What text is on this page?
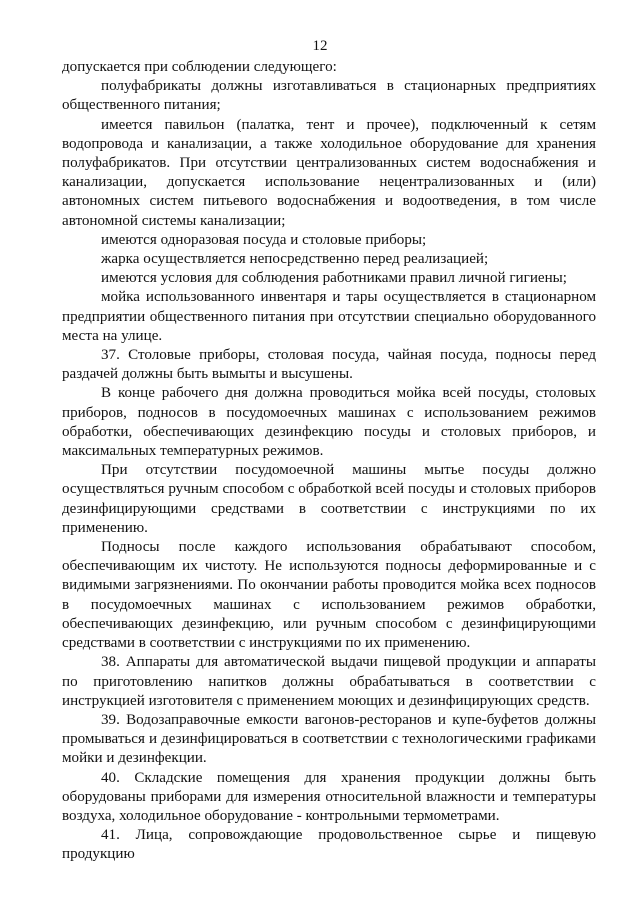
12

допускается при соблюдении следующего:

полуфабрикаты должны изготавливаться в стационарных предприятиях общественного питания;

имеется павильон (палатка, тент и прочее), подключенный к сетям водопровода и канализации, а также холодильное оборудование для хранения полуфабрикатов. При отсутствии централизованных систем водоснабжения и канализации, допускается использование нецентрализованных и (или) автономных систем питьевого водоснабжения и водоотведения, в том числе автономной системы канализации;

имеются одноразовая посуда и столовые приборы;

жарка осуществляется непосредственно перед реализацией;

имеются условия для соблюдения работниками правил личной гигиены;

мойка использованного инвентаря и тары осуществляется в стационарном предприятии общественного питания при отсутствии специально оборудованного места на улице.

37. Столовые приборы, столовая посуда, чайная посуда, подносы перед раздачей должны быть вымыты и высушены.

В конце рабочего дня должна проводиться мойка всей посуды, столовых приборов, подносов в посудомоечных машинах с использованием режимов обработки, обеспечивающих дезинфекцию посуды и столовых приборов, и максимальных температурных режимов.

При отсутствии посудомоечной машины мытье посуды должно осуществляться ручным способом с обработкой всей посуды и столовых приборов дезинфицирующими средствами в соответствии с инструкциями по их применению.

Подносы после каждого использования обрабатывают способом, обеспечивающим их чистоту. Не используются подносы деформированные и с видимыми загрязнениями. По окончании работы проводится мойка всех подносов в посудомоечных машинах с использованием режимов обработки, обеспечивающих дезинфекцию, или ручным способом с дезинфицирующими средствами в соответствии с инструкциями по их применению.

38. Аппараты для автоматической выдачи пищевой продукции и аппараты по приготовлению напитков должны обрабатываться в соответствии с инструкцией изготовителя с применением моющих и дезинфицирующих средств.

39. Водозаправочные емкости вагонов-ресторанов и купе-буфетов должны промываться и дезинфицироваться в соответствии с технологическими графиками мойки и дезинфекции.

40. Складские помещения для хранения продукции должны быть оборудованы приборами для измерения относительной влажности и температуры воздуха, холодильное оборудование - контрольными термометрами.

41. Лица, сопровождающие продовольственное сырье и пищевую продукцию
